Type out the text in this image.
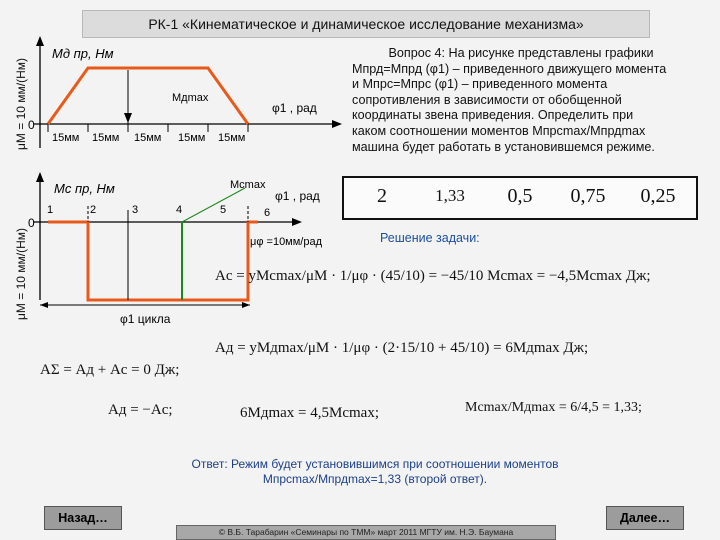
РК-1 «Кинематическое и динамическое исследование механизма»
μM = 10 мм/(Нм)
μM = 10 мм/(Нм)
Mдmax
0
Mд пр, Нм
φ1 , рад
15мм 15мм 15мм 15мм 15мм
0
Mс пр, Нм	φ1 , рад
Mсmax
1	2	3	4	5	6
μφ =10мм/рад
φ1 цикла
Вопрос 4: На рисунке представлены графики
Mпрд=Mпрд (φ1) – приведенного движущего момента
и Mпрс=Mпрс (φ1) – приведенного момента
сопротивления в зависимости от обобщенной
координаты звена приведения. Определить при
каком соотношении моментов Mпрсmax/Mпрдmax
машина будет работать в установившемся режиме.
2	1,33	0,5	0,75	0,25
Решение задачи:
Aс = yMсmax/μM · 1/μφ · (45/10) = −45/10 Mсmax = −4,5Mсmax Дж;
Aд = yMдmax/μM · 1/μφ · (2·15/10 + 45/10) = 6Mдmax Дж;
AΣ = Aд + Aс = 0 Дж;
Aд = −Aс;	6Mдmax = 4,5Mсmax;	Mсmax/Mдmax = 6/4,5 = 1,33;
Ответ: Режим будет установившимся при соотношении моментов
Mпрсmax/Mпрдmax=1,33 (второй ответ).
Назад…	Далее…
© В.Б. Тарабарин «Семинары по ТММ» март 2011 МГТУ им. Н.Э. Баумана
